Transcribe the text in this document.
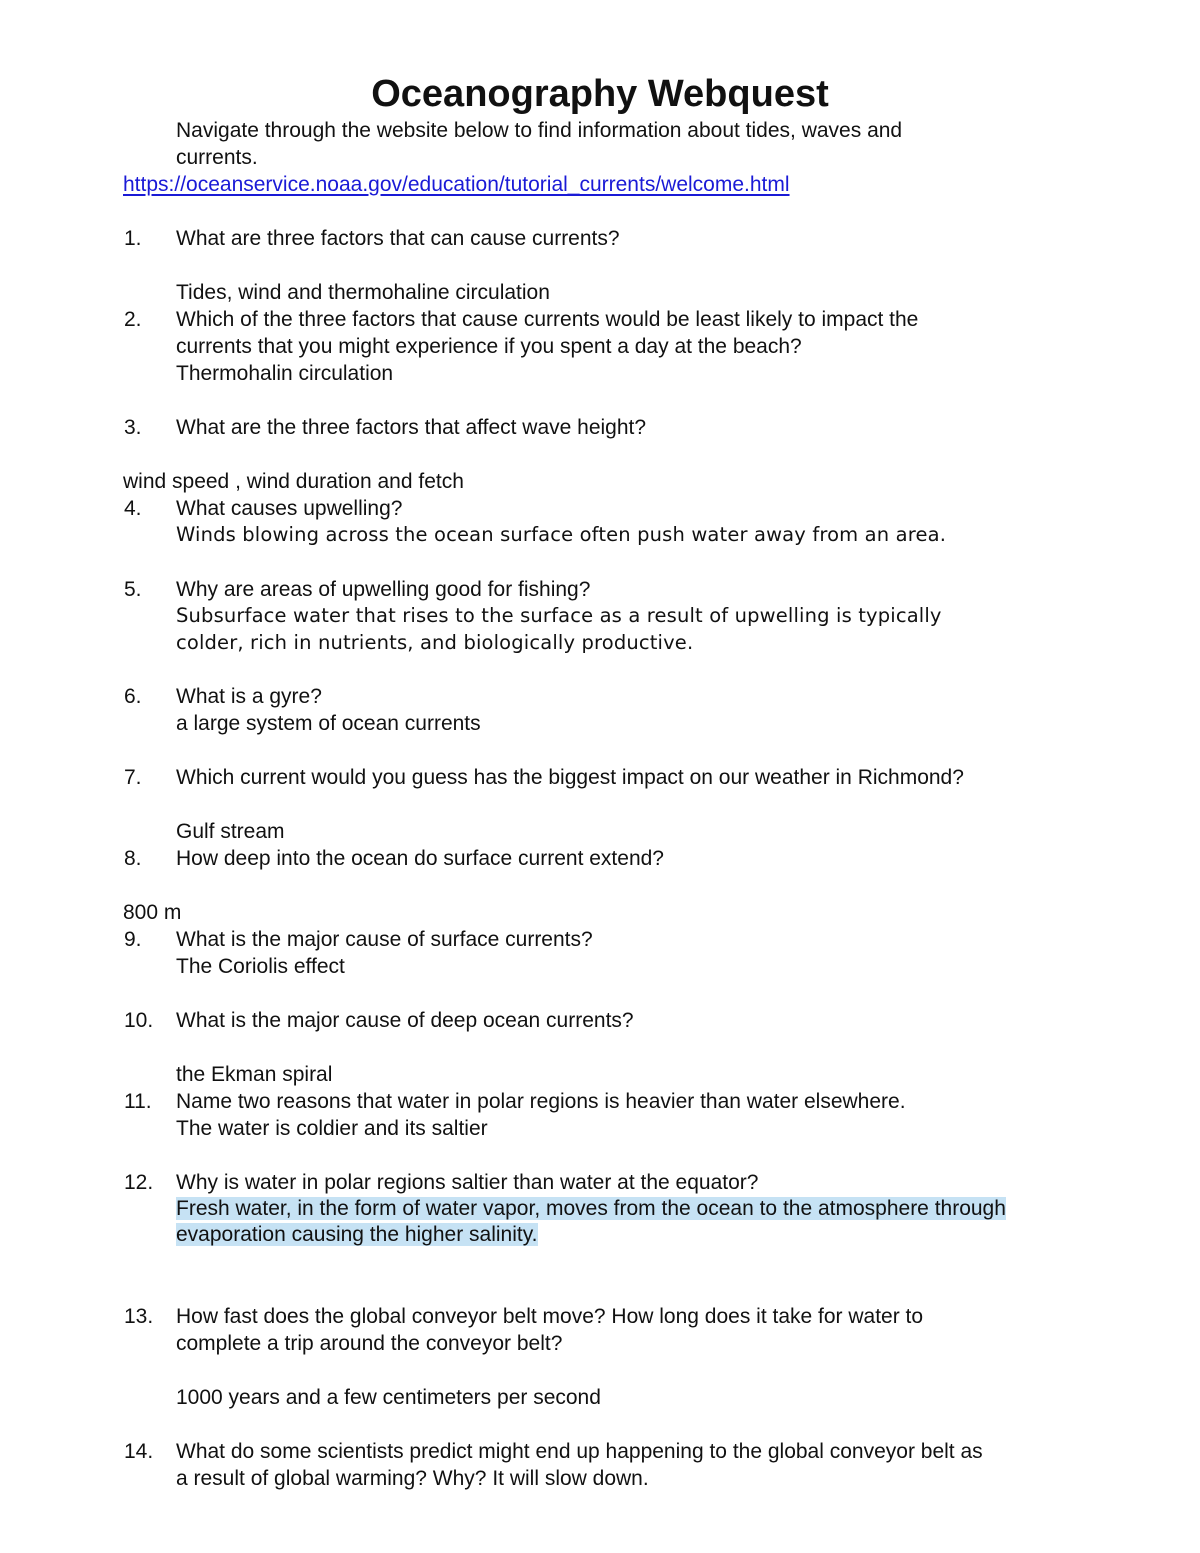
Oceanography Webquest
Navigate through the website below to find information about tides, waves and
currents.
https://oceanservice.noaa.gov/education/tutorial_currents/welcome.html
1. What are three factors that can cause currents?
Tides, wind and thermohaline circulation
2. Which of the three factors that cause currents would be least likely to impact the
currents that you might experience if you spent a day at the beach?
Thermohalin circulation
3. What are the three factors that affect wave height?
wind speed , wind duration and fetch
4. What causes upwelling?
Winds blowing across the ocean surface often push water away from an area.
5. Why are areas of upwelling good for fishing?
Subsurface water that rises to the surface as a result of upwelling is typically
colder, rich in nutrients, and biologically productive.
6. What is a gyre?
a large system of ocean currents
7. Which current would you guess has the biggest impact on our weather in Richmond?
Gulf stream
8. How deep into the ocean do surface current extend?
800 m
9. What is the major cause of surface currents?
The Coriolis effect
10. What is the major cause of deep ocean currents?
the Ekman spiral
11. Name two reasons that water in polar regions is heavier than water elsewhere.
The water is coldier and its saltier
12. Why is water in polar regions saltier than water at the equator?
Fresh water, in the form of water vapor, moves from the ocean to the atmosphere through
evaporation causing the higher salinity.
13. How fast does the global conveyor belt move? How long does it take for water to
complete a trip around the conveyor belt?
1000 years and a few centimeters per second
14. What do some scientists predict might end up happening to the global conveyor belt as
a result of global warming? Why? It will slow down.
